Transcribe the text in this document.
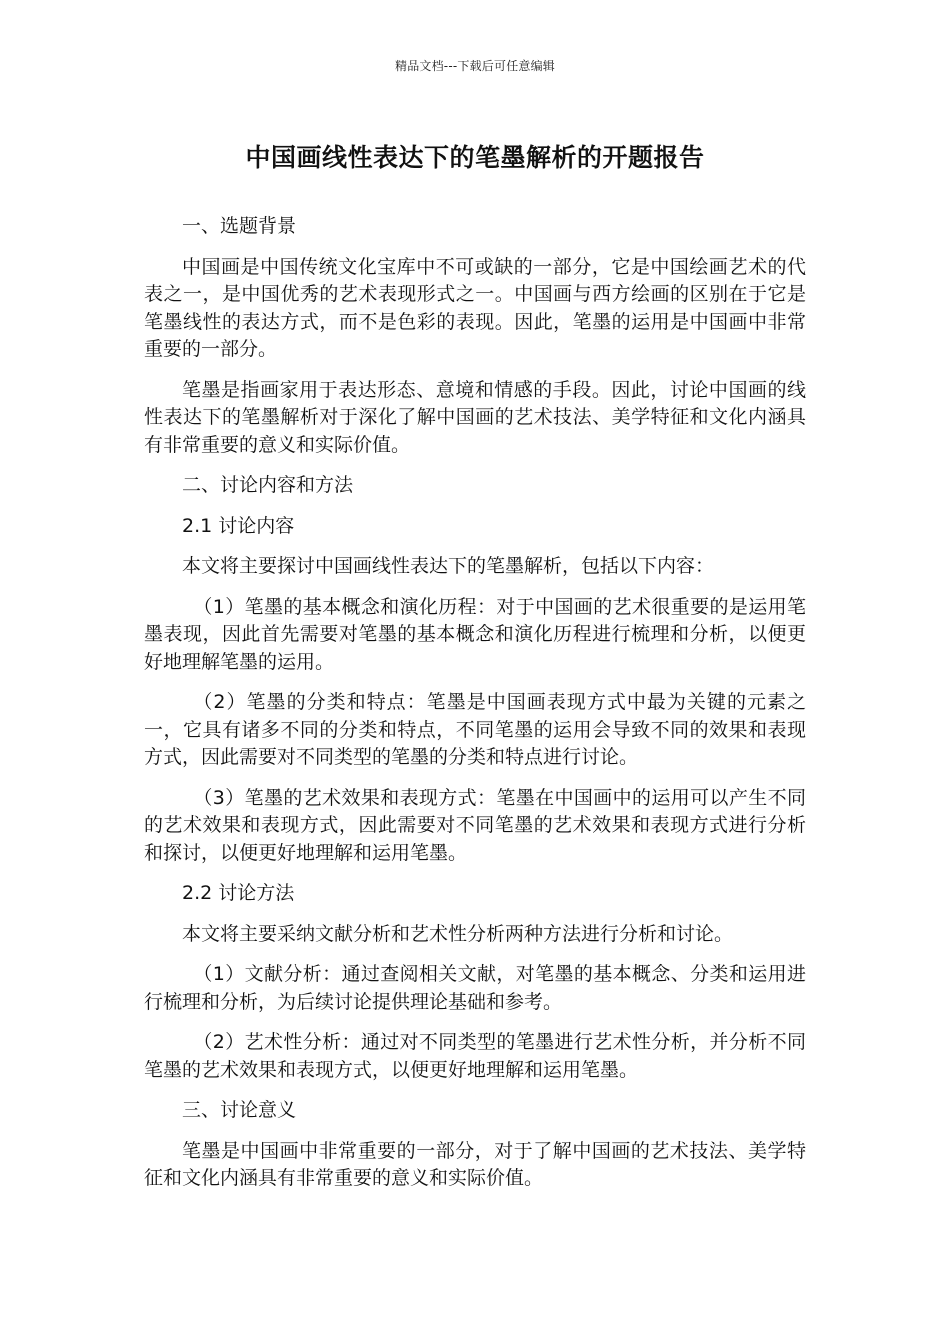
精品文档---下载后可任意编辑
中国画线性表达下的笔墨解析的开题报告

一、选题背景

中国画是中国传统文化宝库中不可或缺的一部分，它是中国绘画艺术的代表之一，是中国优秀的艺术表现形式之一。中国画与西方绘画的区别在于它是笔墨线性的表达方式，而不是色彩的表现。因此，笔墨的运用是中国画中非常重要的一部分。

笔墨是指画家用于表达形态、意境和情感的手段。因此，讨论中国画的线性表达下的笔墨解析对于深化了解中国画的艺术技法、美学特征和文化内涵具有非常重要的意义和实际价值。

二、讨论内容和方法

2.1 讨论内容

本文将主要探讨中国画线性表达下的笔墨解析，包括以下内容：

（1）笔墨的基本概念和演化历程：对于中国画的艺术很重要的是运用笔墨表现，因此首先需要对笔墨的基本概念和演化历程进行梳理和分析，以便更好地理解笔墨的运用。

（2）笔墨的分类和特点：笔墨是中国画表现方式中最为关键的元素之一，它具有诸多不同的分类和特点，不同笔墨的运用会导致不同的效果和表现方式，因此需要对不同类型的笔墨的分类和特点进行讨论。

（3）笔墨的艺术效果和表现方式：笔墨在中国画中的运用可以产生不同的艺术效果和表现方式，因此需要对不同笔墨的艺术效果和表现方式进行分析和探讨，以便更好地理解和运用笔墨。

2.2 讨论方法

本文将主要采纳文献分析和艺术性分析两种方法进行分析和讨论。

（1）文献分析：通过查阅相关文献，对笔墨的基本概念、分类和运用进行梳理和分析，为后续讨论提供理论基础和参考。

（2）艺术性分析：通过对不同类型的笔墨进行艺术性分析，并分析不同笔墨的艺术效果和表现方式，以便更好地理解和运用笔墨。

三、讨论意义

笔墨是中国画中非常重要的一部分，对于了解中国画的艺术技法、美学特征和文化内涵具有非常重要的意义和实际价值。
